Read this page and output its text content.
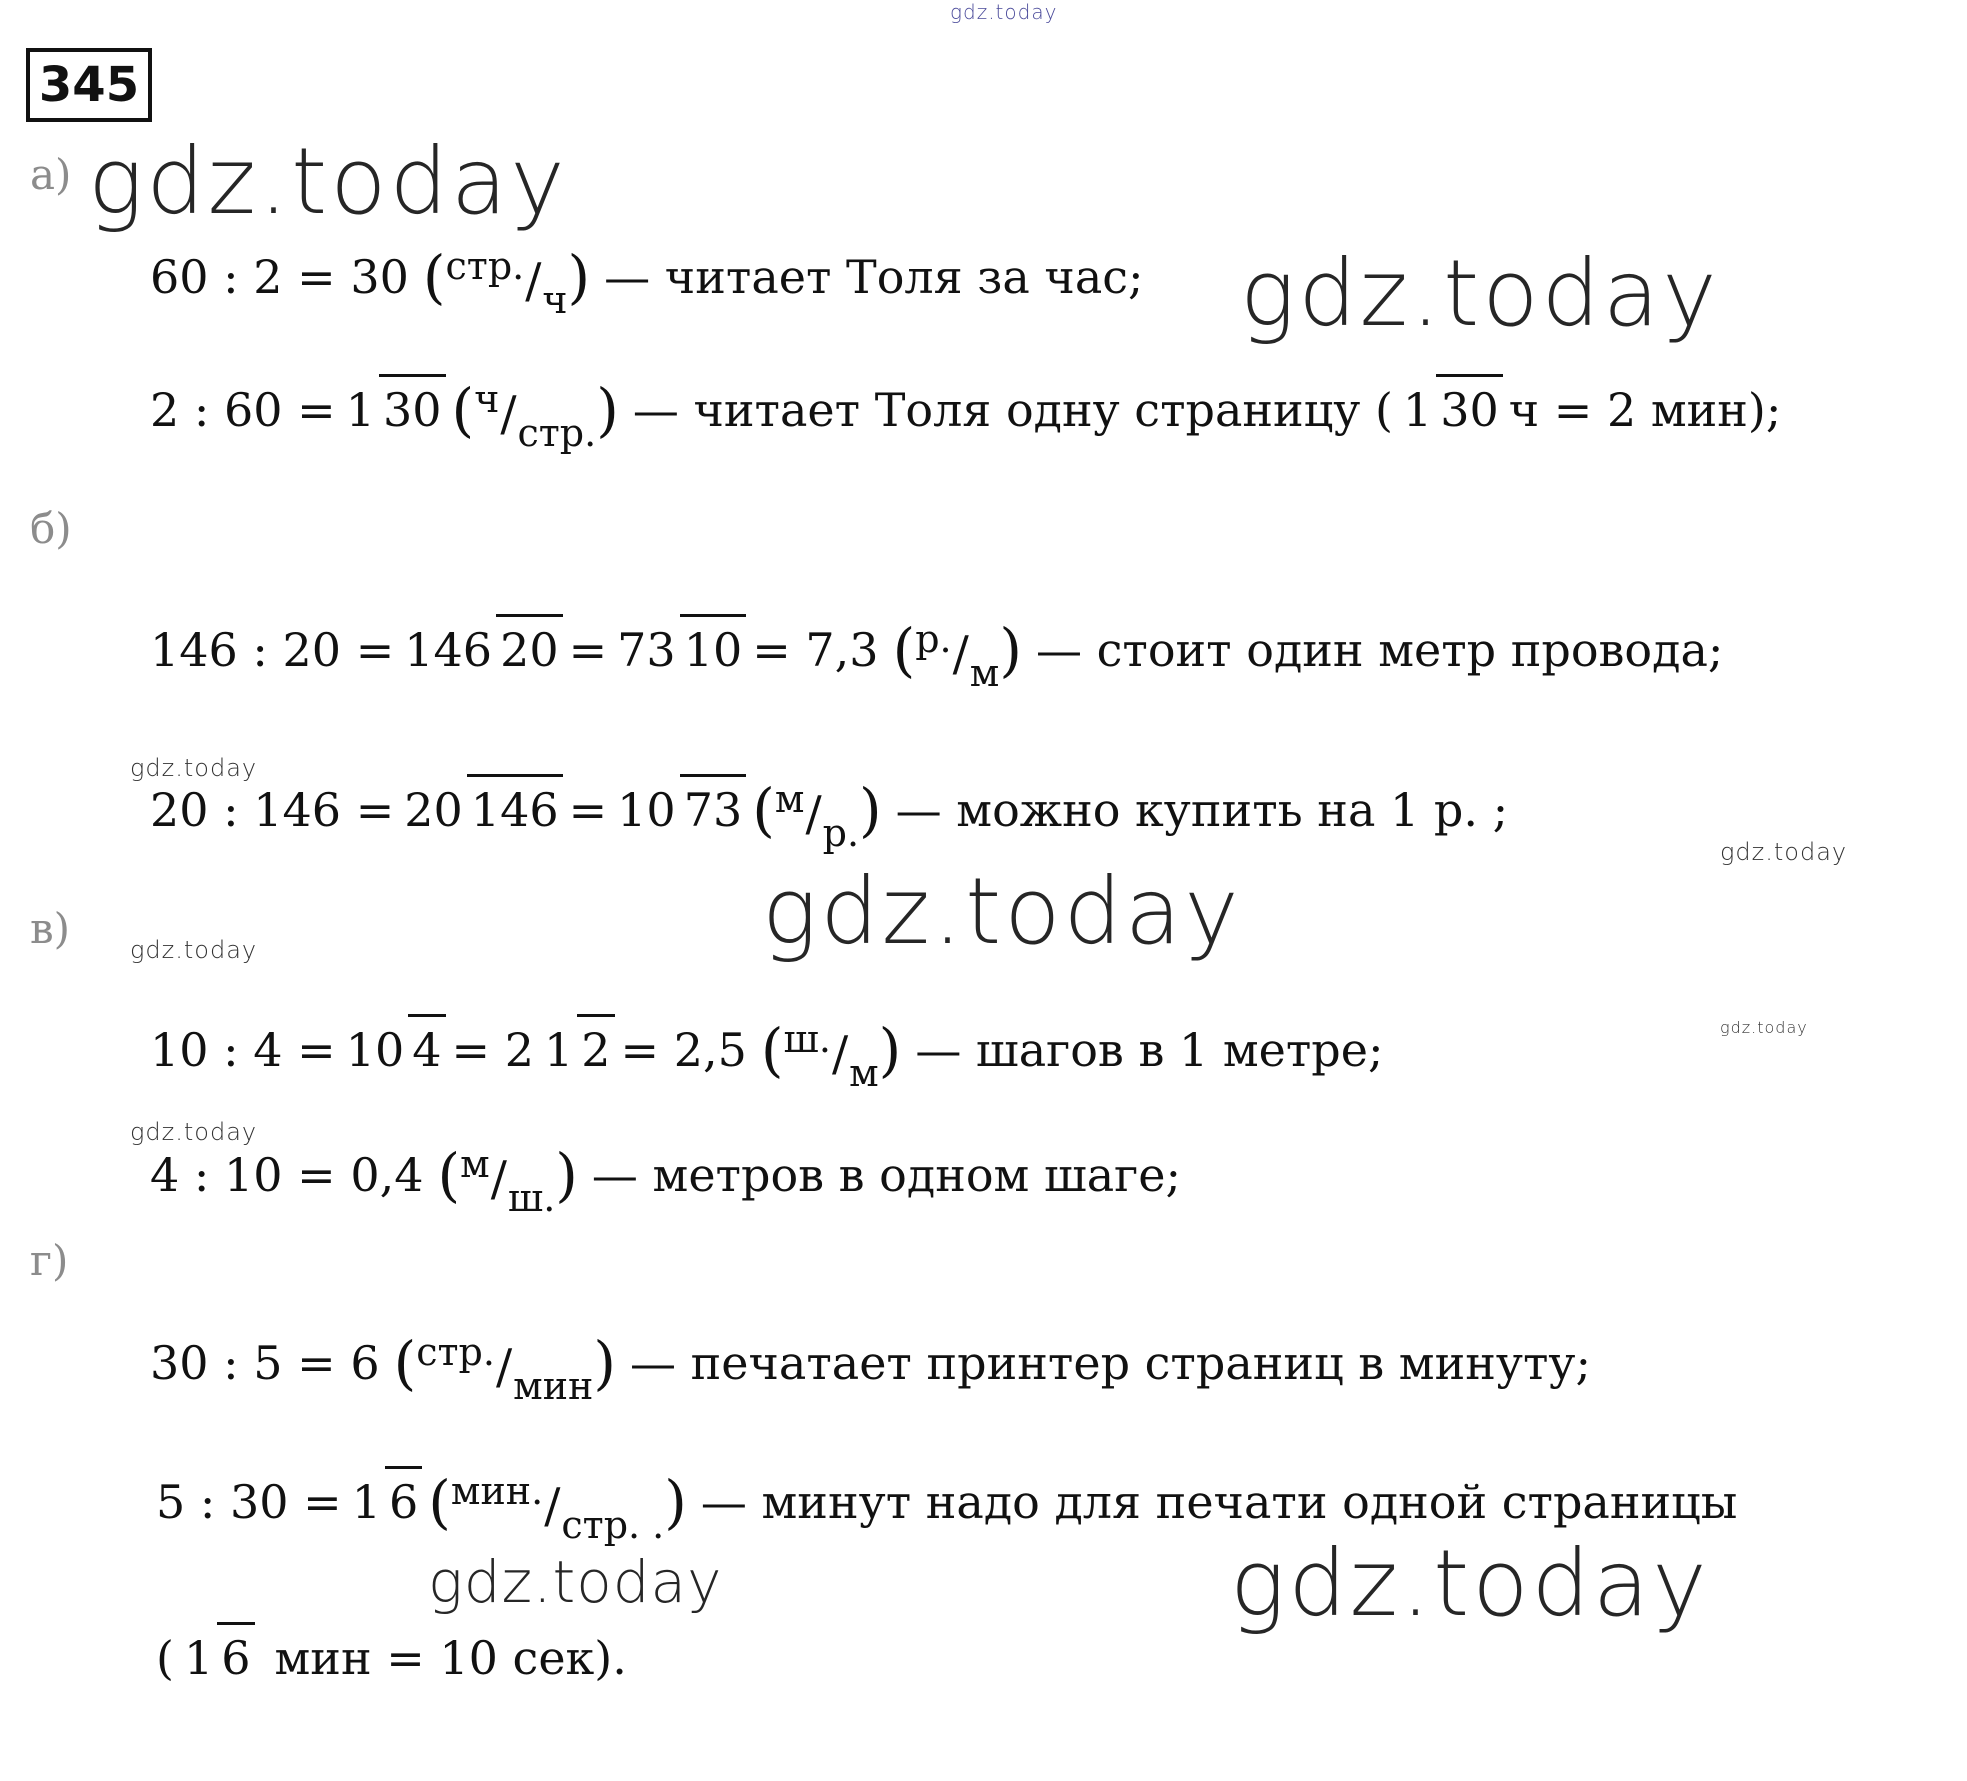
gdz.today
gdz.today
gdz.today
gdz.today
gdz.today
gdz.today
gdz.today
gdz.today
gdz.today
gdz.today
gdz.today
345
а)
б)
в)
г)
60 : 2 = 30 $(^{стр.}/_ч)$ — читает Толя за час;
2 : 60 = 1 30 $(^ч/_{стр.})$ — читает Толя одну страницу ( 1 30 ч = 2 мин);
146 : 20 = 146 20 = 73 10 = 7,3 $(^{р.}/_м)$ — стоит один метр провода;
20 : 146 = 20 146 = 10 73 $(^м/_{р.})$ — можно купить на 1 р. ;
10 : 4 = 10 4 = 2 1 2 = 2,5 $(^{ш.}/_м)$ — шагов в 1 метре;
4 : 10 = 0,4 $(^м/_{ш.})$ — метров в одном шаге;
30 : 5 = 6 $(^{стр.}/_{мин})$ — печатает принтер страниц в минуту;
5 : 30 = 1 6 $(^{мин.}/_{стр. .})$ — минут надо для печати одной страницы
( 1 6 мин = 10 сек).
